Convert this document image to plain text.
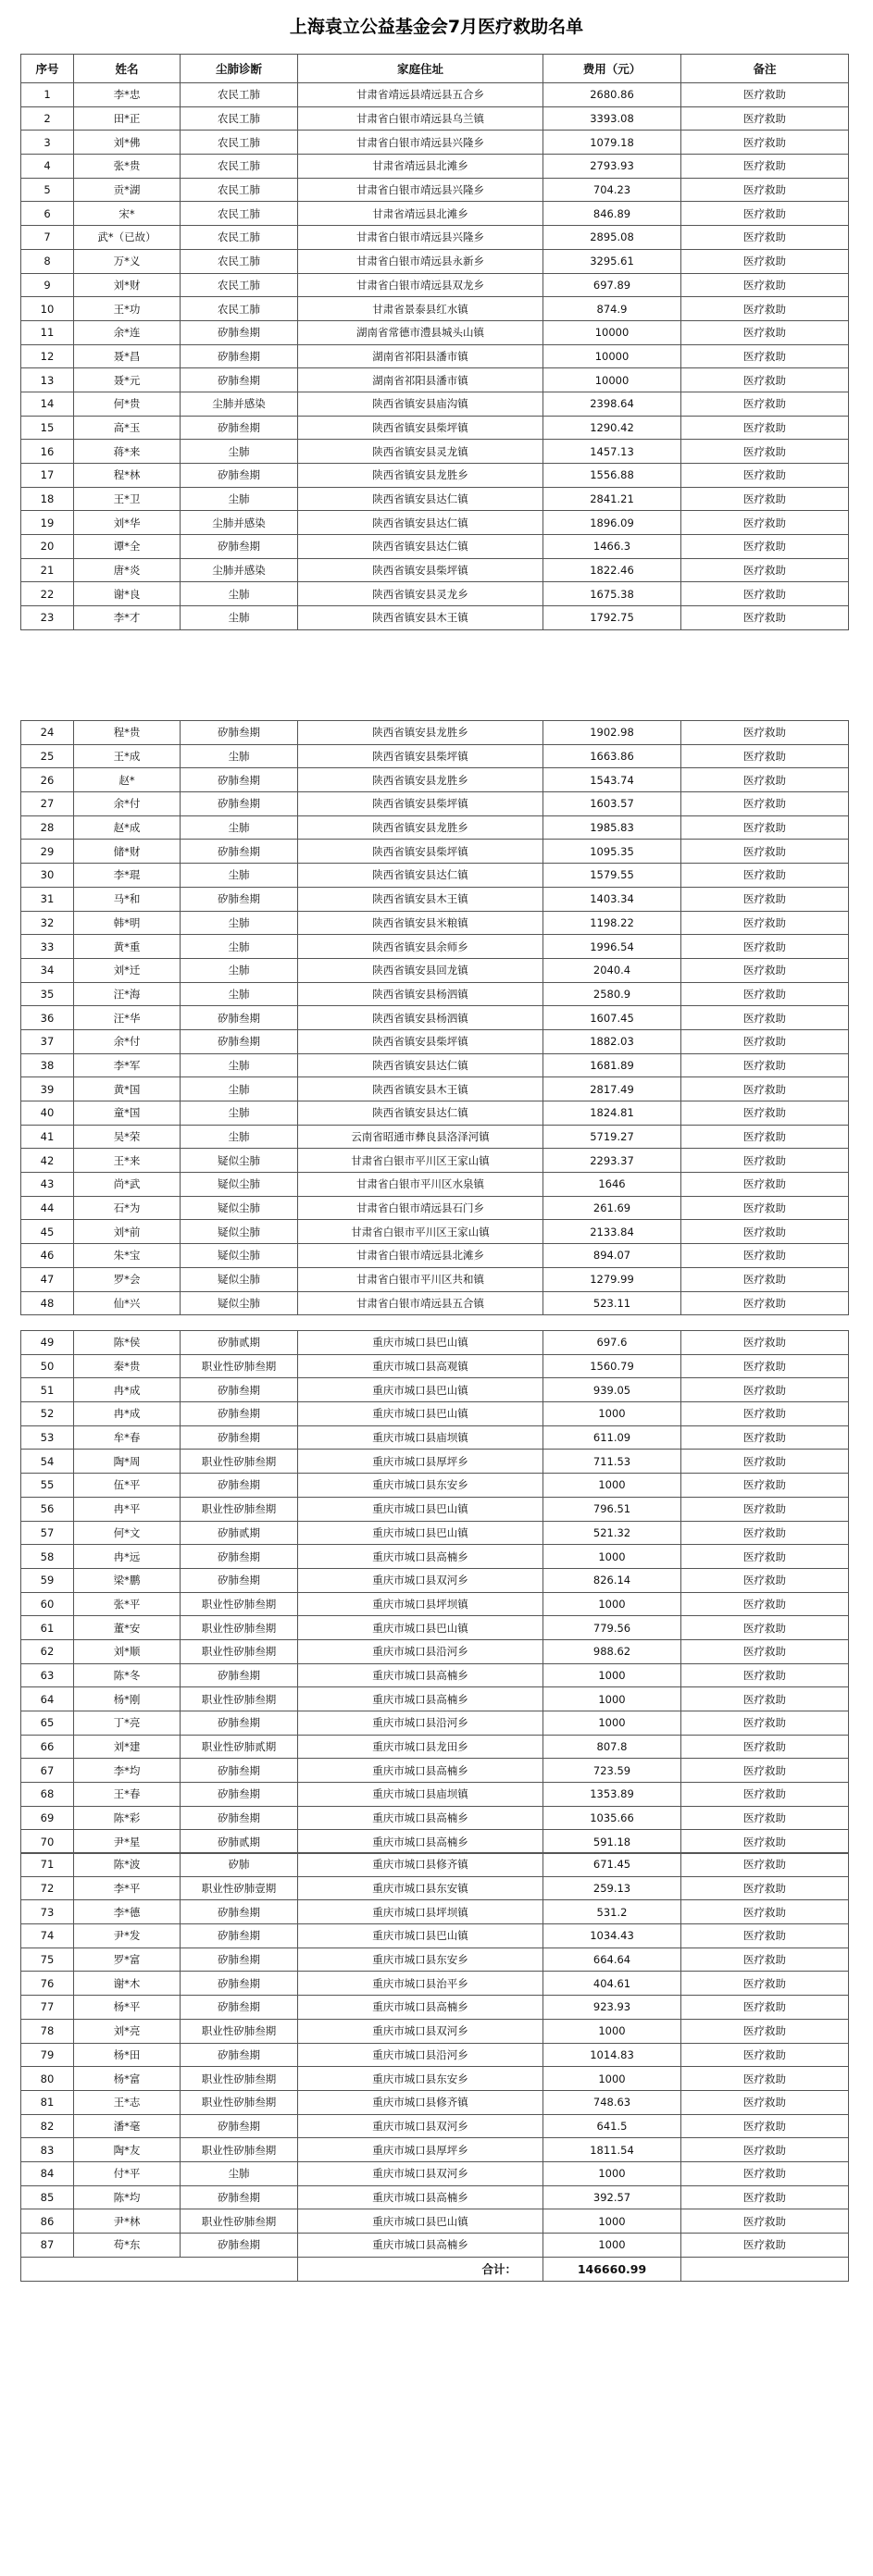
上海袁立公益基金会7月医疗救助名单
序号	姓名	尘肺诊断	家庭住址	费用（元）	备注
1	李*忠	农民工肺	甘肃省靖远县靖远县五合乡	2680.86	医疗救助
2	田*正	农民工肺	甘肃省白银市靖远县乌兰镇	3393.08	医疗救助
3	刘*佛	农民工肺	甘肃省白银市靖远县兴隆乡	1079.18	医疗救助
4	张*贵	农民工肺	甘肃省靖远县北滩乡	2793.93	医疗救助
5	贡*湖	农民工肺	甘肃省白银市靖远县兴隆乡	704.23	医疗救助
6	宋*	农民工肺	甘肃省靖远县北滩乡	846.89	医疗救助
7	武*（已故）	农民工肺	甘肃省白银市靖远县兴隆乡	2895.08	医疗救助
8	万*义	农民工肺	甘肃省白银市靖远县永新乡	3295.61	医疗救助
9	刘*财	农民工肺	甘肃省白银市靖远县双龙乡	697.89	医疗救助
10	王*功	农民工肺	甘肃省景泰县红水镇	874.9	医疗救助
11	余*连	矽肺叁期	湖南省常德市澧县城头山镇	10000	医疗救助
12	聂*昌	矽肺叁期	湖南省祁阳县潘市镇	10000	医疗救助
13	聂*元	矽肺叁期	湖南省祁阳县潘市镇	10000	医疗救助
14	何*贵	尘肺并感染	陕西省镇安县庙沟镇	2398.64	医疗救助
15	高*玉	矽肺叁期	陕西省镇安县柴坪镇	1290.42	医疗救助
16	蒋*来	尘肺	陕西省镇安县灵龙镇	1457.13	医疗救助
17	程*林	矽肺叁期	陕西省镇安县龙胜乡	1556.88	医疗救助
18	王*卫	尘肺	陕西省镇安县达仁镇	2841.21	医疗救助
19	刘*华	尘肺并感染	陕西省镇安县达仁镇	1896.09	医疗救助
20	谭*全	矽肺叁期	陕西省镇安县达仁镇	1466.3	医疗救助
21	唐*炎	尘肺并感染	陕西省镇安县柴坪镇	1822.46	医疗救助
22	谢*良	尘肺	陕西省镇安县灵龙乡	1675.38	医疗救助
23	李*才	尘肺	陕西省镇安县木王镇	1792.75	医疗救助
24	程*贵	矽肺叁期	陕西省镇安县龙胜乡	1902.98	医疗救助
25	王*成	尘肺	陕西省镇安县柴坪镇	1663.86	医疗救助
26	赵*	矽肺叁期	陕西省镇安县龙胜乡	1543.74	医疗救助
27	余*付	矽肺叁期	陕西省镇安县柴坪镇	1603.57	医疗救助
28	赵*成	尘肺	陕西省镇安县龙胜乡	1985.83	医疗救助
29	储*财	矽肺叁期	陕西省镇安县柴坪镇	1095.35	医疗救助
30	李*琨	尘肺	陕西省镇安县达仁镇	1579.55	医疗救助
31	马*和	矽肺叁期	陕西省镇安县木王镇	1403.34	医疗救助
32	韩*明	尘肺	陕西省镇安县米粮镇	1198.22	医疗救助
33	黄*重	尘肺	陕西省镇安县余师乡	1996.54	医疗救助
34	刘*迁	尘肺	陕西省镇安县回龙镇	2040.4	医疗救助
35	汪*海	尘肺	陕西省镇安县杨泗镇	2580.9	医疗救助
36	汪*华	矽肺叁期	陕西省镇安县杨泗镇	1607.45	医疗救助
37	余*付	矽肺叁期	陕西省镇安县柴坪镇	1882.03	医疗救助
38	李*军	尘肺	陕西省镇安县达仁镇	1681.89	医疗救助
39	黄*国	尘肺	陕西省镇安县木王镇	2817.49	医疗救助
40	童*国	尘肺	陕西省镇安县达仁镇	1824.81	医疗救助
41	吴*荣	尘肺	云南省昭通市彝良县洛泽河镇	5719.27	医疗救助
42	王*来	疑似尘肺	甘肃省白银市平川区王家山镇	2293.37	医疗救助
43	尚*武	疑似尘肺	甘肃省白银市平川区水泉镇	1646	医疗救助
44	石*为	疑似尘肺	甘肃省白银市靖远县石门乡	261.69	医疗救助
45	刘*前	疑似尘肺	甘肃省白银市平川区王家山镇	2133.84	医疗救助
46	朱*宝	疑似尘肺	甘肃省白银市靖远县北滩乡	894.07	医疗救助
47	罗*会	疑似尘肺	甘肃省白银市平川区共和镇	1279.99	医疗救助
48	仙*兴	疑似尘肺	甘肃省白银市靖远县五合镇	523.11	医疗救助
49	陈*侯	矽肺贰期	重庆市城口县巴山镇	697.6	医疗救助
50	秦*贵	职业性矽肺叁期	重庆市城口县高观镇	1560.79	医疗救助
51	冉*成	矽肺叁期	重庆市城口县巴山镇	939.05	医疗救助
52	冉*成	矽肺叁期	重庆市城口县巴山镇	1000	医疗救助
53	牟*春	矽肺叁期	重庆市城口县庙坝镇	611.09	医疗救助
54	陶*周	职业性矽肺叁期	重庆市城口县厚坪乡	711.53	医疗救助
55	伍*平	矽肺叁期	重庆市城口县东安乡	1000	医疗救助
56	冉*平	职业性矽肺叁期	重庆市城口县巴山镇	796.51	医疗救助
57	何*文	矽肺贰期	重庆市城口县巴山镇	521.32	医疗救助
58	冉*远	矽肺叁期	重庆市城口县高楠乡	1000	医疗救助
59	梁*鹏	矽肺叁期	重庆市城口县双河乡	826.14	医疗救助
60	张*平	职业性矽肺叁期	重庆市城口县坪坝镇	1000	医疗救助
61	董*安	职业性矽肺叁期	重庆市城口县巴山镇	779.56	医疗救助
62	刘*顺	职业性矽肺叁期	重庆市城口县沿河乡	988.62	医疗救助
63	陈*冬	矽肺叁期	重庆市城口县高楠乡	1000	医疗救助
64	杨*刚	职业性矽肺叁期	重庆市城口县高楠乡	1000	医疗救助
65	丁*亮	矽肺叁期	重庆市城口县沿河乡	1000	医疗救助
66	刘*建	职业性矽肺贰期	重庆市城口县龙田乡	807.8	医疗救助
67	李*均	矽肺叁期	重庆市城口县高楠乡	723.59	医疗救助
68	王*春	矽肺叁期	重庆市城口县庙坝镇	1353.89	医疗救助
69	陈*彩	矽肺叁期	重庆市城口县高楠乡	1035.66	医疗救助
70	尹*星	矽肺贰期	重庆市城口县高楠乡	591.18	医疗救助
71	陈*波	矽肺	重庆市城口县修齐镇	671.45	医疗救助
72	李*平	职业性矽肺壹期	重庆市城口县东安镇	259.13	医疗救助
73	李*德	矽肺叁期	重庆市城口县坪坝镇	531.2	医疗救助
74	尹*发	矽肺叁期	重庆市城口县巴山镇	1034.43	医疗救助
75	罗*富	矽肺叁期	重庆市城口县东安乡	664.64	医疗救助
76	谢*木	矽肺叁期	重庆市城口县治平乡	404.61	医疗救助
77	杨*平	矽肺叁期	重庆市城口县高楠乡	923.93	医疗救助
78	刘*亮	职业性矽肺叁期	重庆市城口县双河乡	1000	医疗救助
79	杨*田	矽肺叁期	重庆市城口县沿河乡	1014.83	医疗救助
80	杨*富	职业性矽肺叁期	重庆市城口县东安乡	1000	医疗救助
81	王*志	职业性矽肺叁期	重庆市城口县修齐镇	748.63	医疗救助
82	潘*毫	矽肺叁期	重庆市城口县双河乡	641.5	医疗救助
83	陶*友	职业性矽肺叁期	重庆市城口县厚坪乡	1811.54	医疗救助
84	付*平	尘肺	重庆市城口县双河乡	1000	医疗救助
85	陈*均	矽肺叁期	重庆市城口县高楠乡	392.57	医疗救助
86	尹*林	职业性矽肺叁期	重庆市城口县巴山镇	1000	医疗救助
87	苟*东	矽肺叁期	重庆市城口县高楠乡	1000	医疗救助
			合计：	146660.99	
